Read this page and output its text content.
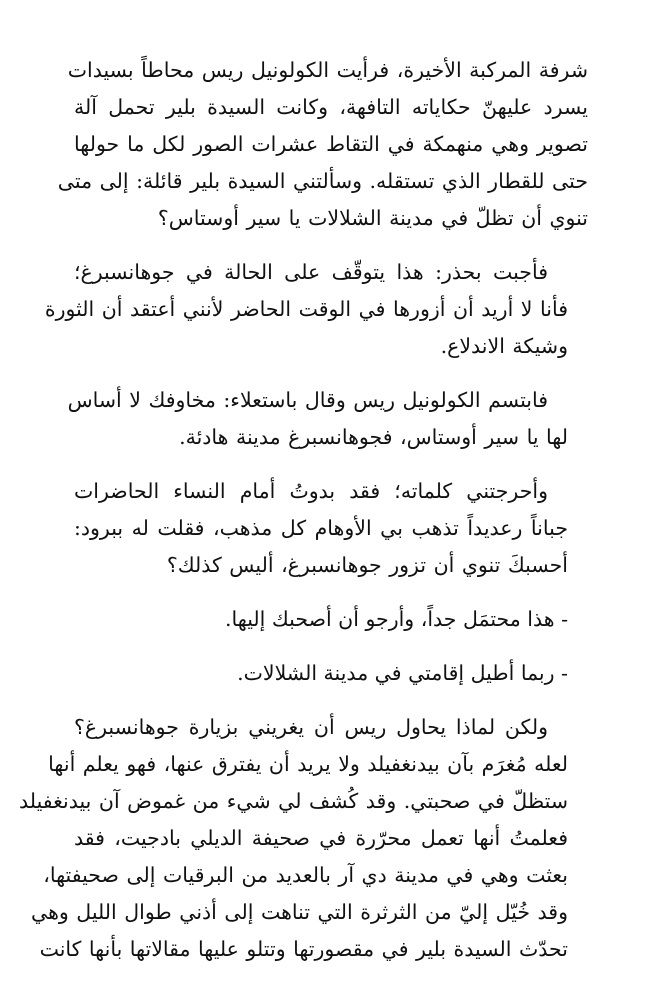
شرفة المركبة الأخيرة، فرأيت الكولونيل ريس محاطاً بسيدات
يسرد عليهنّ حكاياته التافهة، وكانت السيدة بلير تحمل آلة
تصوير وهي منهمكة في التقاط عشرات الصور لكل ما حولها
حتى للقطار الذي تستقله. وسألتني السيدة بلير قائلة: إلى متى
تنوي أن تظلّ في مدينة الشلالات يا سير أوستاس؟

فأجبت بحذر: هذا يتوقّف على الحالة في جوهانسبرغ؛
فأنا لا أريد أن أزورها في الوقت الحاضر لأنني أعتقد أن الثورة
وشيكة الاندلاع.

فابتسم الكولونيل ريس وقال باستعلاء: مخاوفك لا أساس
لها يا سير أوستاس، فجوهانسبرغ مدينة هادئة.

وأحرجتني كلماته؛ فقد بدوتُ أمام النساء الحاضرات
جباناً رعديداً تذهب بي الأوهام كل مذهب، فقلت له ببرود:
أحسبكَ تنوي أن تزور جوهانسبرغ، أليس كذلك؟

- هذا محتمَل جداً، وأرجو أن أصحبك إليها.

- ربما أطيل إقامتي في مدينة الشلالات.

ولكن لماذا يحاول ريس أن يغريني بزيارة جوهانسبرغ؟
لعله مُغرَم بآن بيدنغفيلد ولا يريد أن يفترق عنها، فهو يعلم أنها
ستظلّ في صحبتي. وقد كُشف لي شيء من غموض آن بيدنغفيلد
فعلمتُ أنها تعمل محرّرة في صحيفة الديلي بادجيت، فقد
بعثت وهي في مدينة دي آر بالعديد من البرقيات إلى صحيفتها،
وقد خُيّل إليّ من الثرثرة التي تناهت إلى أذني طوال الليل وهي
تحدّث السيدة بلير في مقصورتها وتتلو عليها مقالاتها بأنها كانت
